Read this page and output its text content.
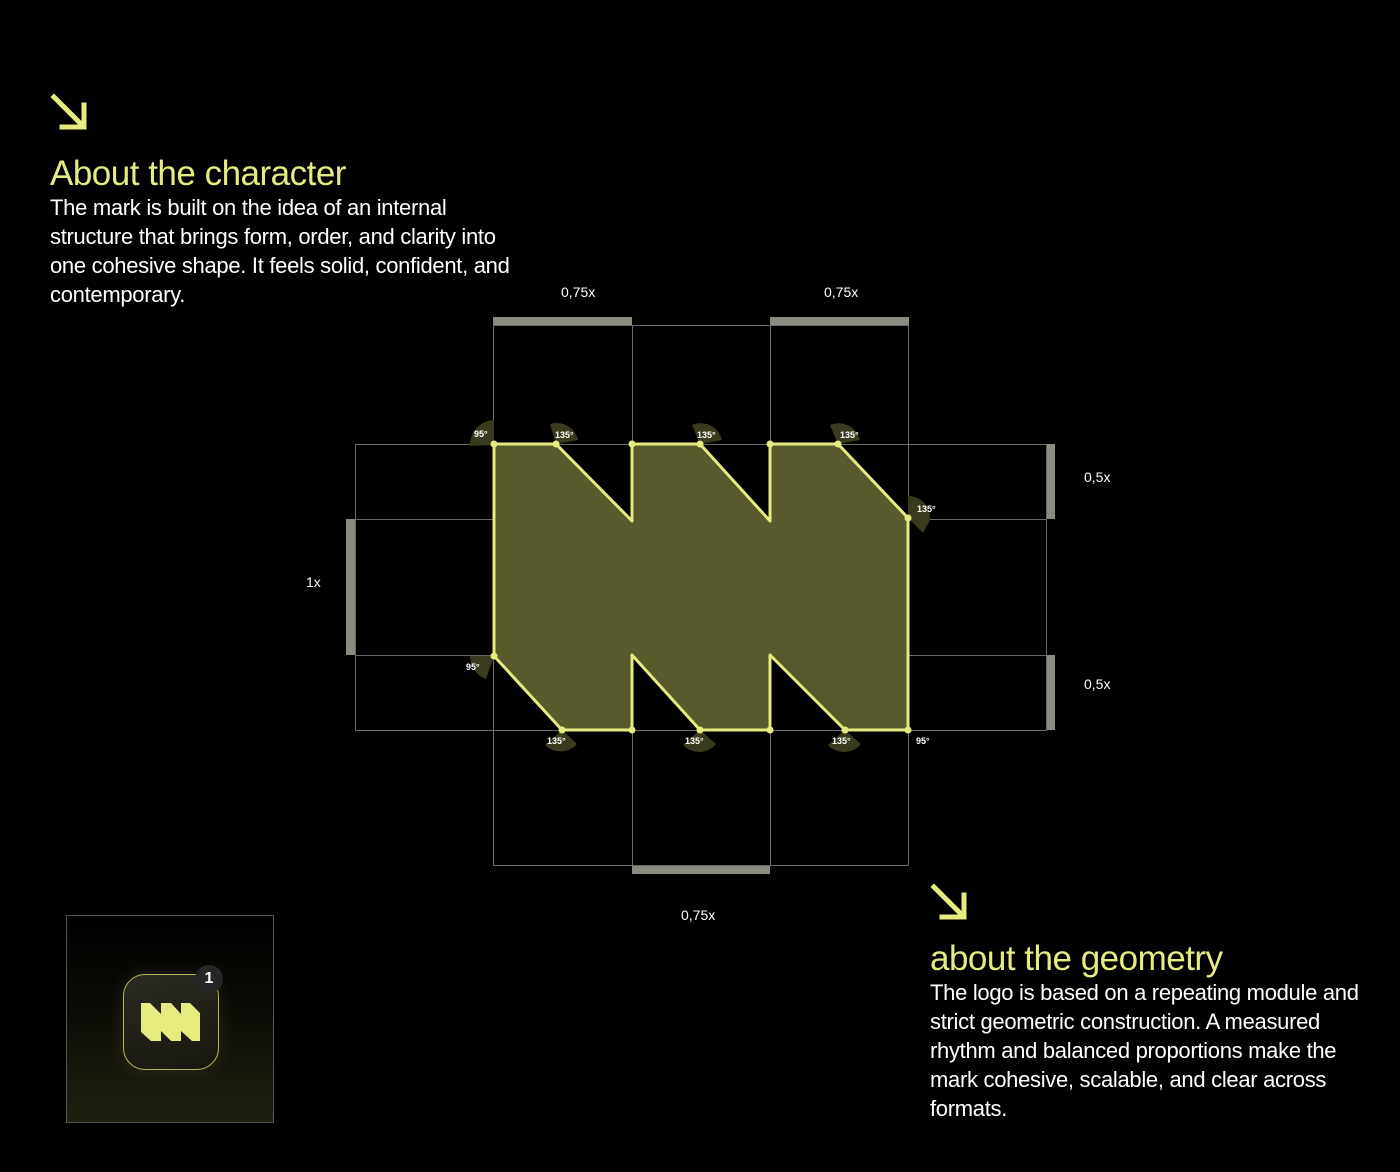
About the character

The mark is built on the idea of an internal structure that brings form, order, and clarity into one cohesive shape. It feels solid, confident, and contemporary.

95°	135°	135°	135°
135°
95°
135°	135°	135°	95°
0,75x	0,75x
0,75x
1x
0,5x
0,5x
about the geometry

The logo is based on a repeating module and strict geometric construction. A measured rhythm and balanced proportions make the mark cohesive, scalable, and clear across formats.

1
